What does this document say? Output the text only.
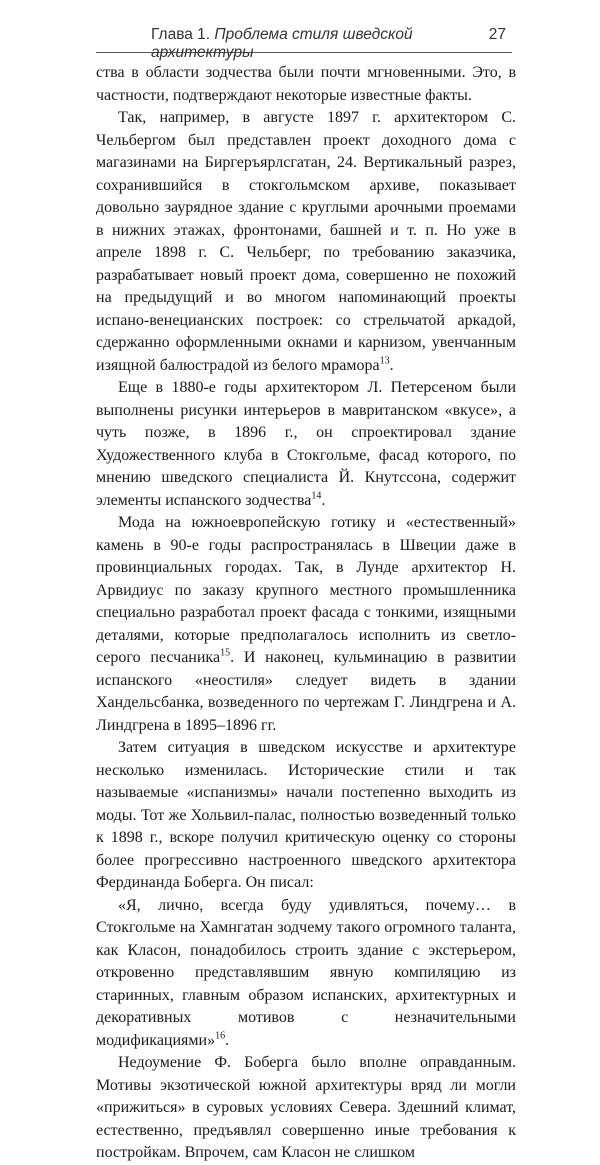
Глава 1. Проблема стиля шведской архитектуры
27

ства в области зодчества были почти мгновенными. Это, в частности, подтверждают некоторые известные факты.

Так, например, в августе 1897 г. архитектором С. Чельбергом был представлен проект доходного дома с магазинами на Биргеръярлсгатан, 24. Вертикальный разрез, сохранившийся в стокгольмском архиве, показывает довольно заурядное здание с круглыми арочными проемами в нижних этажах, фронтонами, башней и т. п. Но уже в апреле 1898 г. С. Чельберг, по требованию заказчика, разрабатывает новый проект дома, совершенно не похожий на предыдущий и во многом напоминающий проекты испано-венецианских построек: со стрельчатой аркадой, сдержанно оформленными окнами и карнизом, увенчанным изящной балюстрадой из белого мрамора$^{13}$.

Еще в 1880-е годы архитектором Л. Петерсеном были выполнены рисунки интерьеров в мавританском «вкусе», а чуть позже, в 1896 г., он спроектировал здание Художественного клуба в Стокгольме, фасад которого, по мнению шведского специалиста Й. Кнутссона, содержит элементы испанского зодчества$^{14}$.

Мода на южноевропейскую готику и «естественный» камень в 90-е годы распространялась в Швеции даже в провинциальных городах. Так, в Лунде архитектор Н. Арвидиус по заказу крупного местного промышленника специально разработал проект фасада с тонкими, изящными деталями, которые предполагалось исполнить из светло-серого песчаника$^{15}$. И наконец, кульминацию в развитии испанского «неостиля» следует видеть в здании Хандельсбанка, возведенного по чертежам Г. Линдгрена и А. Линдгрена в 1895–1896 гг.

Затем ситуация в шведском искусстве и архитектуре несколько изменилась. Исторические стили и так называемые «испанизмы» начали постепенно выходить из моды. Тот же Хольвил-палас, полностью возведенный только к 1898 г., вскоре получил критическую оценку со стороны более прогрессивно настроенного шведского архитектора Фердинанда Боберга. Он писал:

«Я, лично, всегда буду удивляться, почему… в Стокгольме на Хамнгатан зодчему такого огромного таланта, как Класон, понадобилось строить здание с экстерьером, откровенно представлявшим явную компиляцию из старинных, главным образом испанских, архитектурных и декоративных мотивов с незначительными модификациями»$^{16}$.

Недоумение Ф. Боберга было вполне оправданным. Мотивы экзотической южной архитектуры вряд ли могли «прижиться» в суровых условиях Севера. Здешний климат, естественно, предъявлял совершенно иные требования к постройкам. Впрочем, сам Класон не слишком
